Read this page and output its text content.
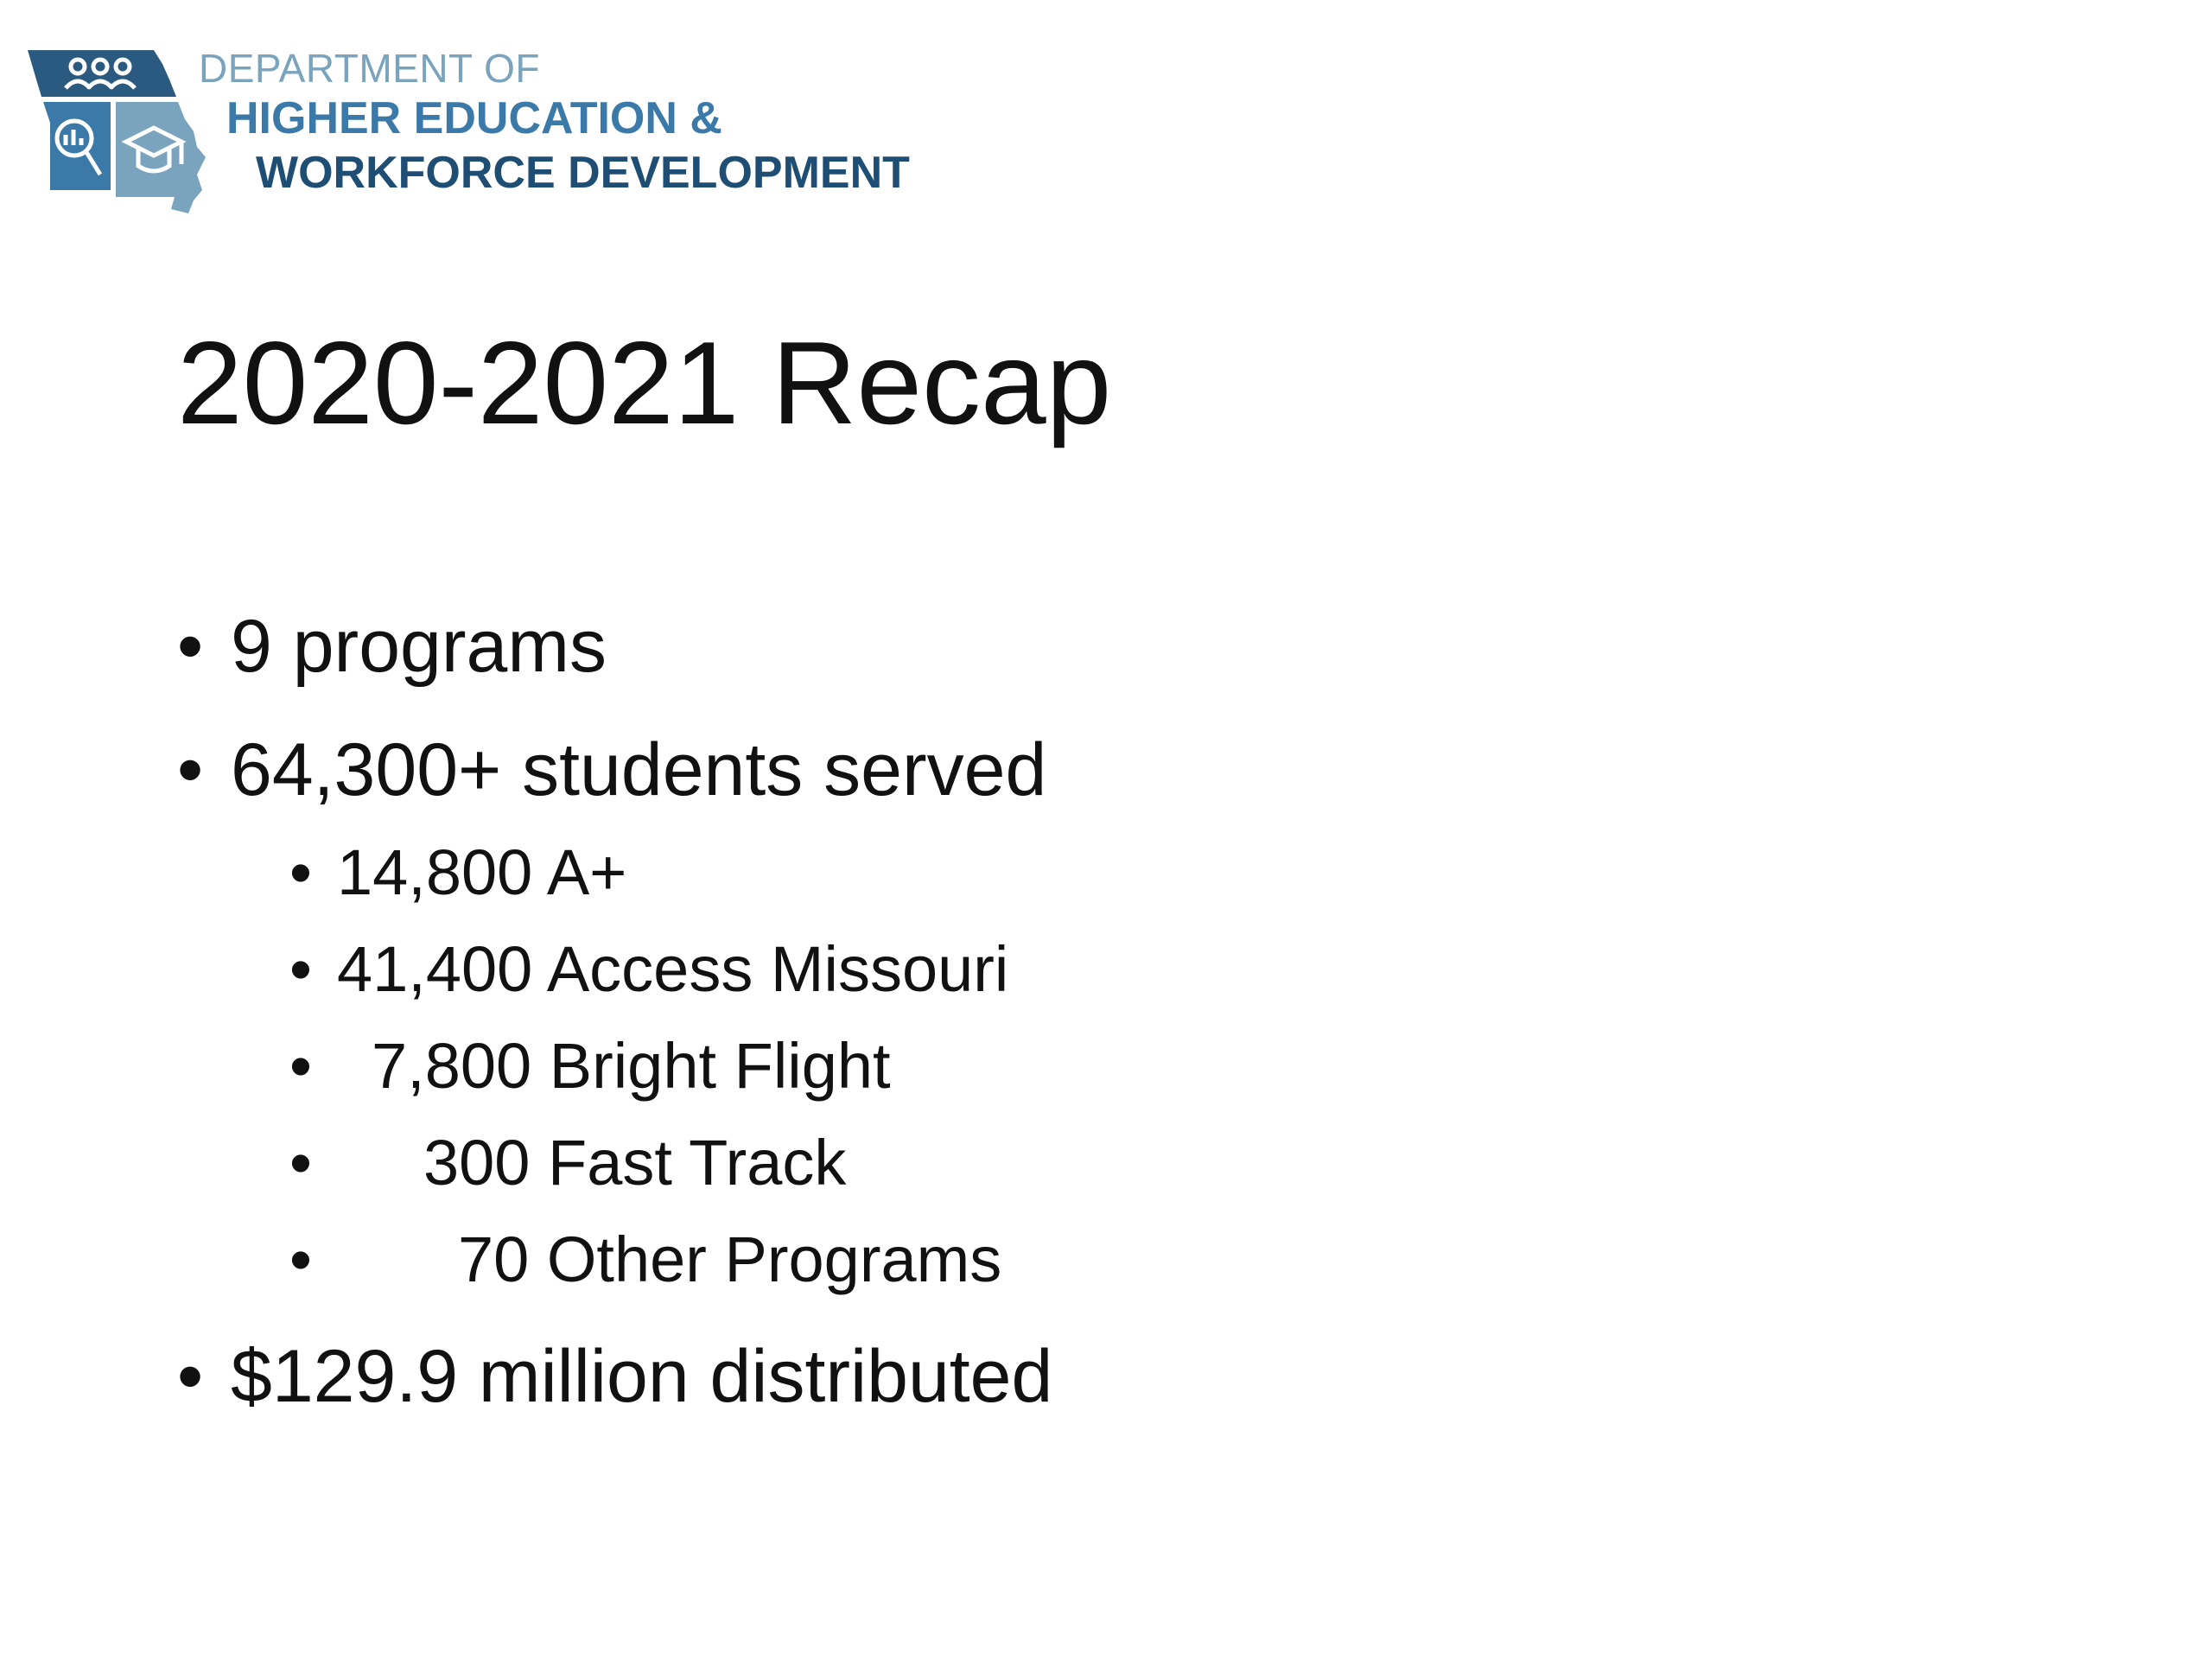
DEPARTMENT OF
HIGHER EDUCATION &
WORKFORCE DEVELOPMENT
2020-2021 Recap
• 9 programs
• 64,300+ students served
• 14,800 A+
• 41,400 Access Missouri
• 7,800 Bright Flight
• 300 Fast Track
• 70 Other Programs
• $129.9 million distributed
